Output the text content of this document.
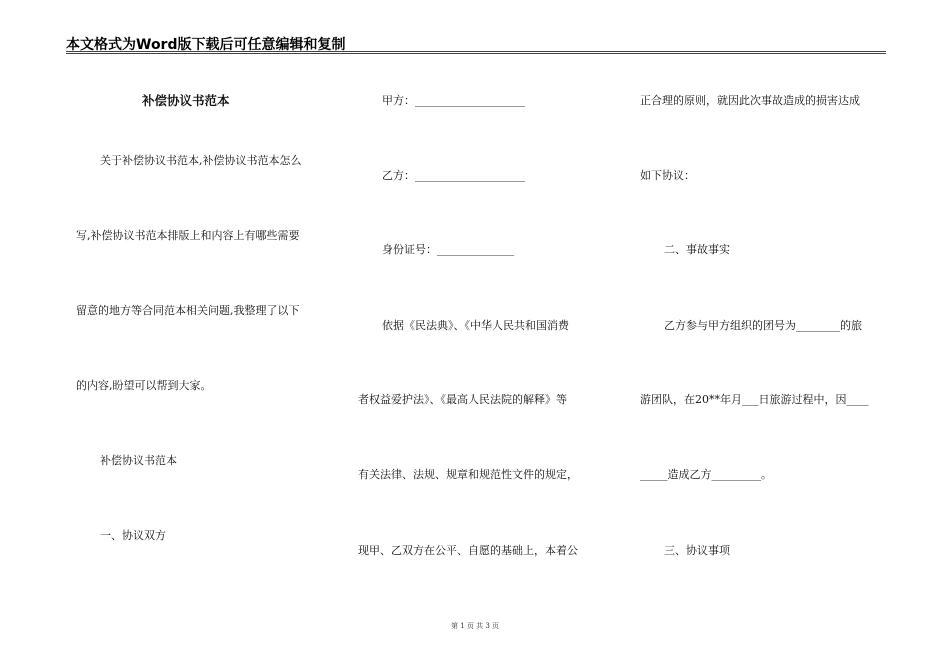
本文格式为Word版下载后可任意编辑和复制
补偿协议书范本
关于补偿协议书范本,补偿协议书范本怎么
写,补偿协议书范本排版上和内容上有哪些需要
留意的地方等合同范本相关问题,我整理了以下
的内容,盼望可以帮到大家。
补偿协议书范本
一、协议双方
甲方：____________________
乙方：____________________
身份证号：______________
依据《民法典》、《中华人民共和国消费
者权益爱护法》、《最高人民法院的解释》等
有关法律、法规、规章和规范性文件的规定，
现甲、乙双方在公平、自愿的基础上，本着公
正合理的原则，就因此次事故造成的损害达成
如下协议：
二、事故事实
乙方参与甲方组织的团号为________的旅
游团队，在20**年月___日旅游过程中，因____
_____造成乙方_________。
三、协议事项
第 1 页 共 3 页
